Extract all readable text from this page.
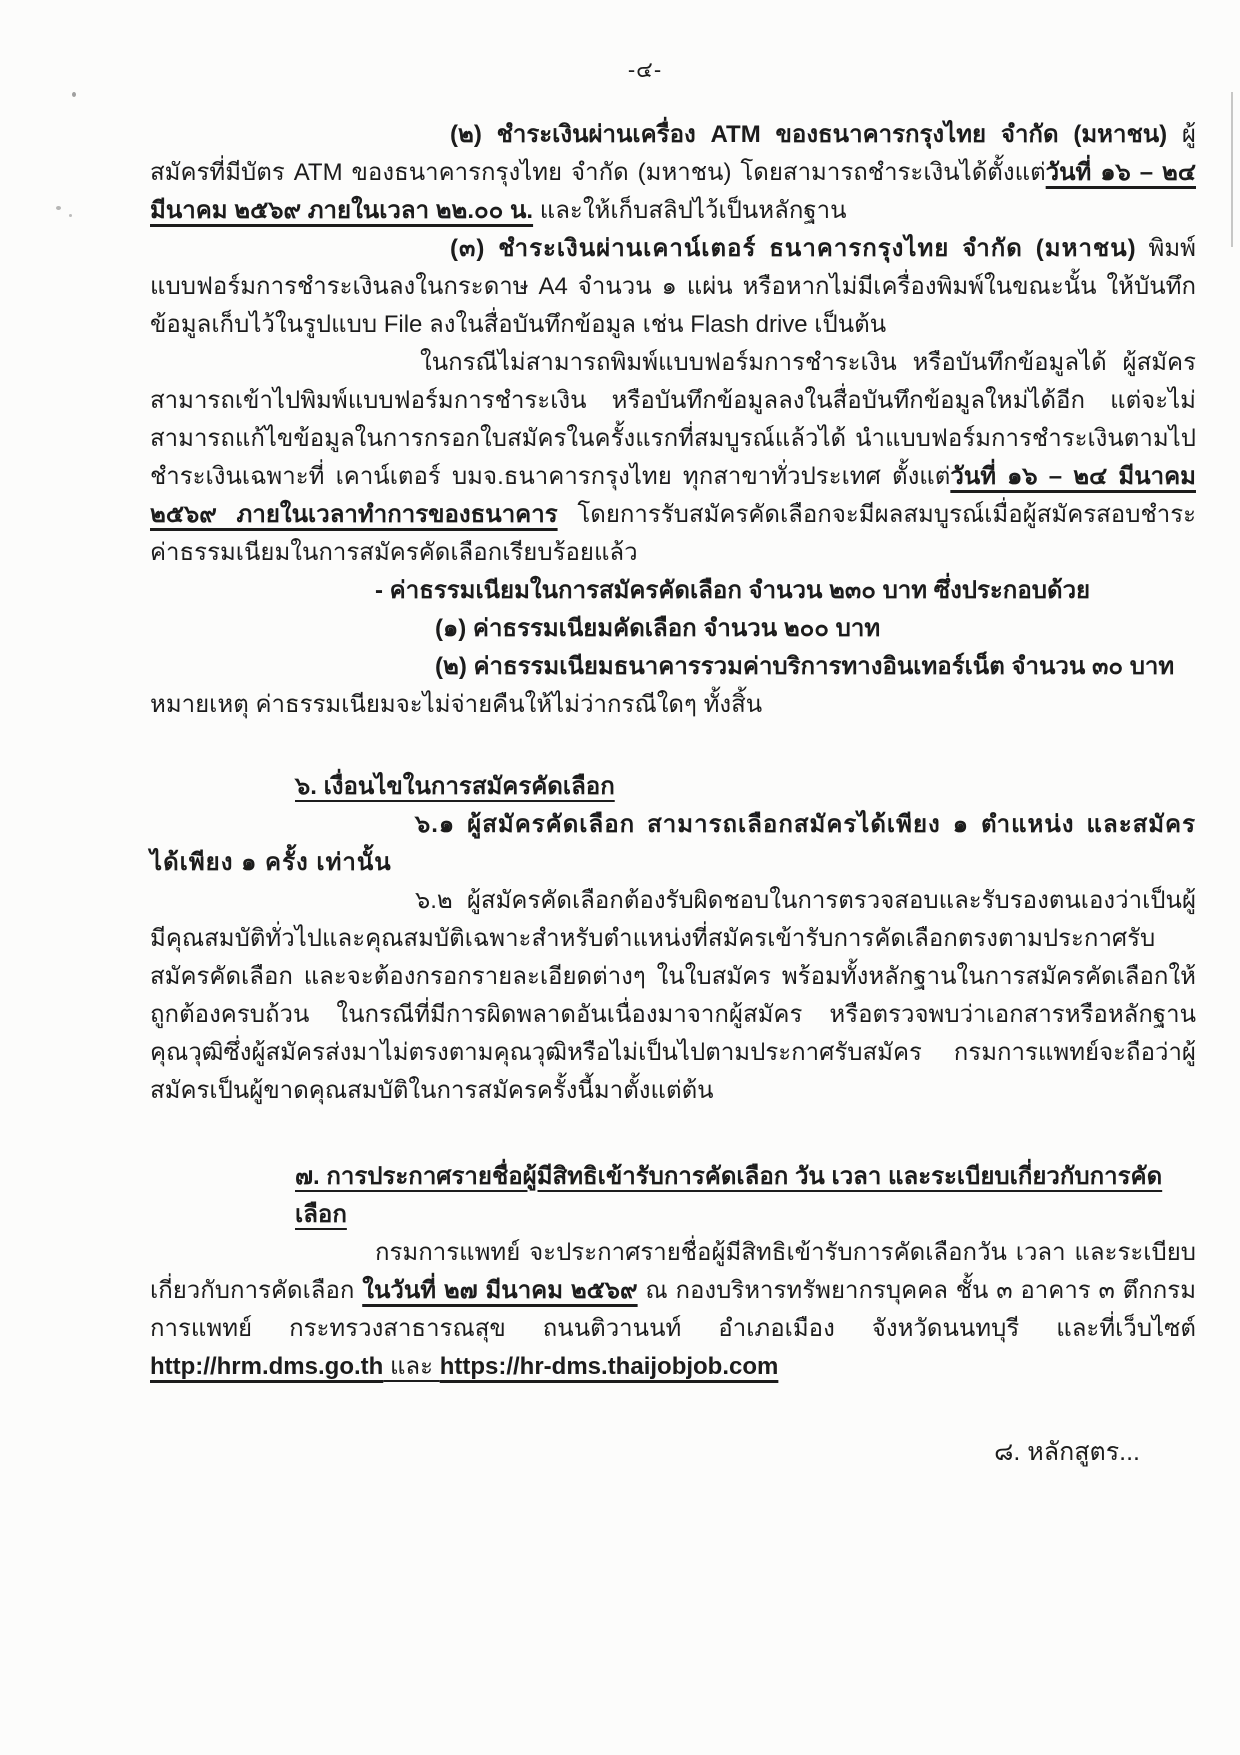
-๔-

(๒) ชำระเงินผ่านเครื่อง ATM ของธนาคารกรุงไทย จำกัด (มหาชน) ผู้สมัครที่มีบัตร ATM ของธนาคารกรุงไทย จำกัด (มหาชน) โดยสามารถชำระเงินได้ตั้งแต่วันที่ ๑๖ – ๒๔ มีนาคม ๒๕๖๙ ภายในเวลา ๒๒.๐๐ น. และให้เก็บสลิปไว้เป็นหลักฐาน

(๓) ชำระเงินผ่านเคาน์เตอร์ ธนาคารกรุงไทย จำกัด (มหาชน) พิมพ์แบบฟอร์มการชำระเงินลงในกระดาษ A4 จำนวน ๑ แผ่น หรือหากไม่มีเครื่องพิมพ์ในขณะนั้น ให้บันทึกข้อมูลเก็บไว้ในรูปแบบ File ลงในสื่อบันทึกข้อมูล เช่น Flash drive เป็นต้น

ในกรณีไม่สามารถพิมพ์แบบฟอร์มการชำระเงิน หรือบันทึกข้อมูลได้ ผู้สมัครสามารถเข้าไปพิมพ์แบบฟอร์มการชำระเงิน หรือบันทึกข้อมูลลงในสื่อบันทึกข้อมูลใหม่ได้อีก แต่จะไม่สามารถแก้ไขข้อมูลในการกรอกใบสมัครในครั้งแรกที่สมบูรณ์แล้วได้ นำแบบฟอร์มการชำระเงินตามไปชำระเงินเฉพาะที่ เคาน์เตอร์ บมจ.ธนาคารกรุงไทย ทุกสาขาทั่วประเทศ ตั้งแต่วันที่ ๑๖ – ๒๔ มีนาคม ๒๕๖๙ ภายในเวลาทำการของธนาคาร โดยการรับสมัครคัดเลือกจะมีผลสมบูรณ์เมื่อผู้สมัครสอบชำระค่าธรรมเนียมในการสมัครคัดเลือกเรียบร้อยแล้ว

- ค่าธรรมเนียมในการสมัครคัดเลือก จำนวน ๒๓๐ บาท ซึ่งประกอบด้วย

(๑) ค่าธรรมเนียมคัดเลือก จำนวน ๒๐๐ บาท

(๒) ค่าธรรมเนียมธนาคารรวมค่าบริการทางอินเทอร์เน็ต จำนวน ๓๐ บาท

หมายเหตุ ค่าธรรมเนียมจะไม่จ่ายคืนให้ไม่ว่ากรณีใดๆ ทั้งสิ้น

๖. เงื่อนไขในการสมัครคัดเลือก

๖.๑ ผู้สมัครคัดเลือก สามารถเลือกสมัครได้เพียง ๑ ตำแหน่ง และสมัครได้เพียง ๑ ครั้ง เท่านั้น

๖.๒ ผู้สมัครคัดเลือกต้องรับผิดชอบในการตรวจสอบและรับรองตนเองว่าเป็นผู้มีคุณสมบัติทั่วไปและคุณสมบัติเฉพาะสำหรับตำแหน่งที่สมัครเข้ารับการคัดเลือกตรงตามประกาศรับสมัครคัดเลือก และจะต้องกรอกรายละเอียดต่างๆ ในใบสมัคร พร้อมทั้งหลักฐานในการสมัครคัดเลือกให้ถูกต้องครบถ้วน ในกรณีที่มีการผิดพลาดอันเนื่องมาจากผู้สมัคร หรือตรวจพบว่าเอกสารหรือหลักฐานคุณวุฒิซึ่งผู้สมัครส่งมาไม่ตรงตามคุณวุฒิหรือไม่เป็นไปตามประกาศรับสมัคร กรมการแพทย์จะถือว่าผู้สมัครเป็นผู้ขาดคุณสมบัติในการสมัครครั้งนี้มาตั้งแต่ต้น

๗. การประกาศรายชื่อผู้มีสิทธิเข้ารับการคัดเลือก วัน เวลา และระเบียบเกี่ยวกับการคัดเลือก

กรมการแพทย์ จะประกาศรายชื่อผู้มีสิทธิเข้ารับการคัดเลือกวัน เวลา และระเบียบเกี่ยวกับการคัดเลือก ในวันที่ ๒๗ มีนาคม ๒๕๖๙ ณ กองบริหารทรัพยากรบุคคล ชั้น ๓ อาคาร ๓ ตึกกรมการแพทย์ กระทรวงสาธารณสุข ถนนติวานนท์ อำเภอเมือง จังหวัดนนทบุรี และที่เว็บไซต์ http://hrm.dms.go.th และ https://hr-dms.thaijobjob.com

๘. หลักสูตร...
